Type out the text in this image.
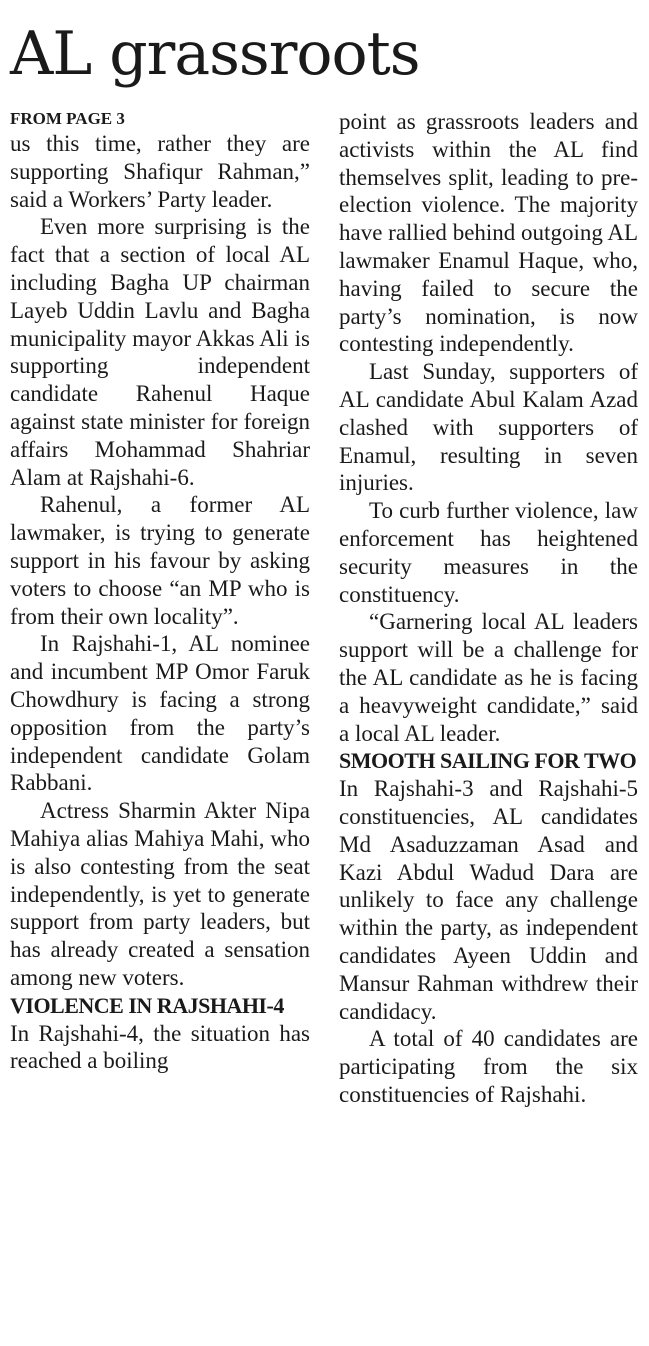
AL grassroots
FROM PAGE 3

us this time, rather they are supporting Shafiqur Rahman,” said a Workers’ Party leader.

Even more surprising is the fact that a section of local AL including Bagha UP chairman Layeb Uddin Lavlu and Bagha municipality mayor Akkas Ali is supporting independent candidate Rahenul Haque against state minister for foreign affairs Mohammad Shahriar Alam at Rajshahi-6.

Rahenul, a former AL lawmaker, is trying to generate support in his favour by asking voters to choose “an MP who is from their own locality”.

In Rajshahi-1, AL nominee and incumbent MP Omor Faruk Chowdhury is facing a strong opposition from the party’s independent candidate Golam Rabbani.

Actress Sharmin Akter Nipa Mahiya alias Mahiya Mahi, who is also contesting from the seat independently, is yet to generate support from party leaders, but has already created a sensation among new voters.

VIOLENCE IN RAJSHAHI-4

In Rajshahi-4, the situation has reached a boiling

point as grassroots leaders and activists within the AL find themselves split, leading to pre-election violence. The majority have rallied behind outgoing AL lawmaker Enamul Haque, who, having failed to secure the party’s nomination, is now contesting independently.

Last Sunday, supporters of AL candidate Abul Kalam Azad clashed with supporters of Enamul, resulting in seven injuries.

To curb further violence, law enforcement has heightened security measures in the constituency.

“Garnering local AL leaders support will be a challenge for the AL candidate as he is facing a heavyweight candidate,” said a local AL leader.

SMOOTH SAILING FOR TWO

In Rajshahi-3 and Rajshahi-5 constituencies, AL candidates Md Asaduzzaman Asad and Kazi Abdul Wadud Dara are unlikely to face any challenge within the party, as independent candidates Ayeen Uddin and Mansur Rahman withdrew their candidacy.

A total of 40 candidates are participating from the six constituencies of Rajshahi.
